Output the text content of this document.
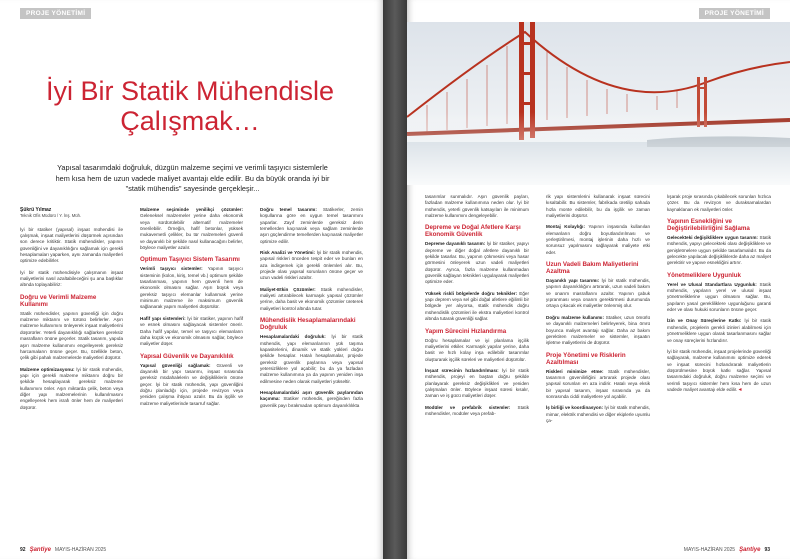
PROJE YÖNETİMİ
İyi Bir Statik Mühendisle Çalışmak…

Yapısal tasarımdaki doğruluk, düzgün malzeme seçimi ve verimli taşıyıcı sistemlerle hem kısa hem de uzun vadede maliyet avantajı elde edilir. Bu da büyük oranda iyi bir "statik mühendis" sayesinde gerçekleşir...

Şükrü Yılmaz
Teknik Ofis Müdürü / Y. İnş. Müh.

İyi bir statiker (yapısal) inşaat mühendisi ile çalışmak, inşaat maliyetlerini düşürmek açısından son derece kritiktir. Statik mühendisler, yapının güvenliğini ve dayanıklılığını sağlamak için gerekli hesaplamaları yaparken, aynı zamanda maliyetleri optimize edebilirler.

İyi bir statik mühendisiyle çalışmanın inşaat maliyetlerini nasıl azaltabileceğini şu ana başlıklar altında toplayabiliriz:

Doğru ve Verimli Malzeme Kullanımı

Statik mühendisler, yapının güvenliği için doğru malzeme miktarını ve türünü belirlerler. Aşırı malzeme kullanımını önleyerek inşaat maliyetlerini düşürürler. Yeterli dayanıklılığı sağlarken gereksiz masrafların önüne geçerler. Statik tasarım, yapıda aşırı malzeme kullanımını engelleyerek gereksiz harcamaların önüne geçer. Bu, özellikle beton, çelik gibi pahalı malzemelerde maliyetleri düşürür.

Malzeme optimizasyonu: İyi bir statik mühendis, yapı için gerekli malzeme miktarını doğru bir şekilde hesaplayarak gereksiz malzeme kullanımını önler. Aşırı miktarda çelik, beton veya diğer yapı malzemelerinin kullanılmasını engelleyerek hem israfı önler hem de maliyetleri düşürür.

Malzeme seçiminde yenilikçi çözümler: Geleneksel malzemeler yerine daha ekonomik veya sürdürülebilir alternatif malzemeler önerilebilir. Örneğin, hafif betonlar, yüksek mukavemetli çelikler, bu tür malzemeleri güvenli ve dayanıklı bir şekilde nasıl kullanacağını belirler, böylece maliyetler azalır.

Optimum Taşıyıcı Sistem Tasarımı

Verimli taşıyıcı sistemler: Yapının taşıyıcı sisteminin (kolon, kiriş, temel vb.) optimum şekilde tasarlanması, yapının hem güvenli hem de ekonomik olmasını sağlar. Aşırı büyük veya gereksiz taşıyıcı elemanlar kullanmak yerine minimum malzeme ile maksimum güvenlik sağlanarak yapım maliyetleri düşürülür.

Hafif yapı sistemleri: İyi bir statiker, yapının hafif ve esnek olmasını sağlayacak sistemler önerir. Daha hafif yapılar, temel ve taşıyıcı elemanların daha küçük ve ekonomik olmasını sağlar, böylece maliyetler düşer.

Yapısal Güvenlik ve Dayanıklılık

Yapısal güvenliği sağlamak: Güvenli ve dayanıklı bir yapı tasarımı, inşaat sırasında gereksiz müdahalelerin ve değişikliklerin önüne geçer. İyi bir statik mühendis, yapı güvenliğini doğru planladığı için, projede revizyon veya yeniden çalışma ihtiyacı azalır. Bu da işçilik ve malzeme maliyetlerinde tasarruf sağlar.

Doğru temel tasarımı: Statikerler, zemin koşullarına göre en uygun temel tasarımını yaparlar. Zayıf zeminlerde gereksiz derin temellerden kaçınarak veya sağlam zeminlerde aşırı güçlendirme temellerden kaçınarak maliyetler optimize edilir.

Risk Analizi ve Yönetimi: İyi bir statik mühendis, yapısal riskleri önceden tespit eder ve bunları en aza indirgemek için gerekli önlemleri alır. Bu, projede olası yapısal sorunların önüne geçer ve uzun vadeli riskleri azaltır.

Maliyet-Etkin Çözümler: Statik mühendisler, maliyeti artırabilecek karmaşık yapısal çözümler yerine, daha basit ve ekonomik çözümler üreterek maliyetleri kontrol altında tutar.

Mühendislik Hesaplamalarındaki Doğruluk

Hesaplamalardaki doğruluk: İyi bir statik mühendis, yapı elemanlarının yük taşıma kapasitelerini, dinamik ve statik yükleri doğru şekilde hesaplar. Hatalı hesaplamalar, projede gereksiz güvenlik paylarına veya yapısal yetersizliklere yol açabilir; bu da ya fazladan malzeme kullanımına ya da yapının yeniden inşa edilmesine neden olarak maliyetleri yükseltir.

Hesaplamalardaki aşırı güvenlik paylarından kaçınma: Statiker mühendis, gereğinden fazla güvenlik payı bırakmadan optimum dayanıklılıkta

92 Şantiye MAYIS-HAZİRAN 2025
PROJE YÖNETİMİ

tasarımlar sunmalıdır. Aşırı güvenlik payları, fazladan malzeme kullanımına neden olur. İyi bir mühendis, yeterli güvenlik katsayıları ile minimum malzeme kullanımını dengeleyebilir.

Depreme ve Doğal Afetlere Karşı Ekonomik Güvenlik

Depreme dayanıklı tasarım: İyi bir statiker, yapıyı depreme ve diğer doğal afetlere dayanıklı bir şekilde tasarlar. Bu, yapının çökmesini veya hasar görmesini önleyerek uzun vadeli maliyetleri düşürür. Ayrıca, fazla malzeme kullanmadan güvenlik sağlayan teknikleri uygulayarak maliyetleri optimize eder.

Yüksek riskli bölgelerde doğru teknikler: Eğer yapı deprem veya sel gibi doğal afetlere eğilimli bir bölgede yer alıyorsa, statik mühendis doğru mühendislik çözümleri ile ekstra maliyetleri kontrol altında tutarak güvenliği sağlar.

Yapım Sürecini Hızlandırma

Doğru hesaplamalar ve iyi planlama işçilik maliyetlerini etkiler. Karmaşık yapılar yerine, daha basit ve hızlı kolay inşa edilebilir tasarımlar oluşturarak işçilik süreleri ve maliyetleri düşürülür.

İnşaat sürecinin hızlandırılması: İyi bir statik mühendis, projeyi en baştan doğru şekilde planlayarak gereksiz değişiklikleri ve yeniden çalışmaları önler. Böylece inşaat süresi kısalır, zaman ve iş gücü maliyetleri düşer.

Modüler ve prefabrik sistemler: Statik mühendisler, modüler veya prefab-

rik yapı sistemlerini kullanarak inşaat sürecini kısaltabilir. Bu sistemler, fabrikada üretilip sahada hızla monte edilebilir, bu da işçilik ve zaman maliyetlerini düşürür.

Montaj Kolaylığı: Yapının inşasında kullanılan elemanların doğru boyutlandırılması ve yerleştirilmesi, montaj işlerinin daha hızlı ve sorunsuz yapılmasını sağlayarak maliyete etki eder.

Uzun Vadeli Bakım Maliyetlerini Azaltma

Dayanıklı yapı tasarımı: İyi bir statik mühendis, yapının dayanıklılığını artırarak, uzun vadeli bakım ve onarım masraflarını azaltır. Yapının çabuk yıpranması veya onarım gerektirmesi durumunda ortaya çıkacak ek maliyetler önlenmiş olur.

Doğru malzeme kullanımı: Statiker, uzun ömürlü ve dayanıklı malzemeleri belirleyerek, bina ömrü boyunca maliyet avantajı sağlar. Daha az bakım gerektiren malzemeler ve sistemler, inşaatın işletme maliyetlerini de düşürür.

Proje Yönetimi ve Risklerin Azaltılması

Riskleri minimize etme: Statik mühendisler, tasarımın güvenilirliğini artırarak projede olası yapısal sorunları en aza indirir. Hatalı veya eksik bir yapısal tasarım, inşaat sırasında ya da sonrasında ciddi maliyetlere yol açabilir.

İş birliği ve koordinasyon: İyi bir statik mühendis, mimar, elektrik mühendisi ve diğer ekiplerle uyumlu ça-

lışarak proje sırasında çıkabilecek sorunları hızlıca çözer. Bu da revizyon ve duraksamalardan kaynaklanan ek maliyetleri önler.

Yapının Esnekliğini ve Değiştirilebilirliğini Sağlama

Gelecekteki değişikliklere uygun tasarım: Statik mühendis, yapıyı gelecekteki olası değişikliklere ve genişletmelere uygun şekilde tasarlamalıdır. Bu da gelecekte yapılacak değişikliklerde daha az maliyet gerektirir ve yapıve esnekliğini artırır.

Yönetmeliklere Uygunluk

Yerel ve Ulusal Standartlara Uygunluk: Statik mühendis, yapıların yerel ve ulusal inşaat yönetmeliklerine uygun olmasını sağlar. Bu, yapıların yasal gerekliliklere uygunluğunu garanti eder ve olası hukuki sorunların önüne geçer.

İzin ve Onay Süreçlerine Katkı: İyi bir statik mühendis, projelerin gerekli izinleri alabilmesi için yönetmeliklere uygun olarak tasarlanmasını sağlar ve onay süreçlerini hızlandırır.

İyi bir statik mühendis, inşaat projelerinde güvenliği sağlayarak, malzeme kullanımını optimize ederek ve inşaat sürecini hızlandırarak maliyetlerin düşürülmesine büyük katkı sağlar. Yapısal tasarımdaki doğruluk, doğru malzeme seçimi ve verimli taşıyıcı sistemler hem kısa hem de uzun vadede maliyet avantajı elde edilir. ◂

MAYIS-HAZİRAN 2025 Şantiye 93
